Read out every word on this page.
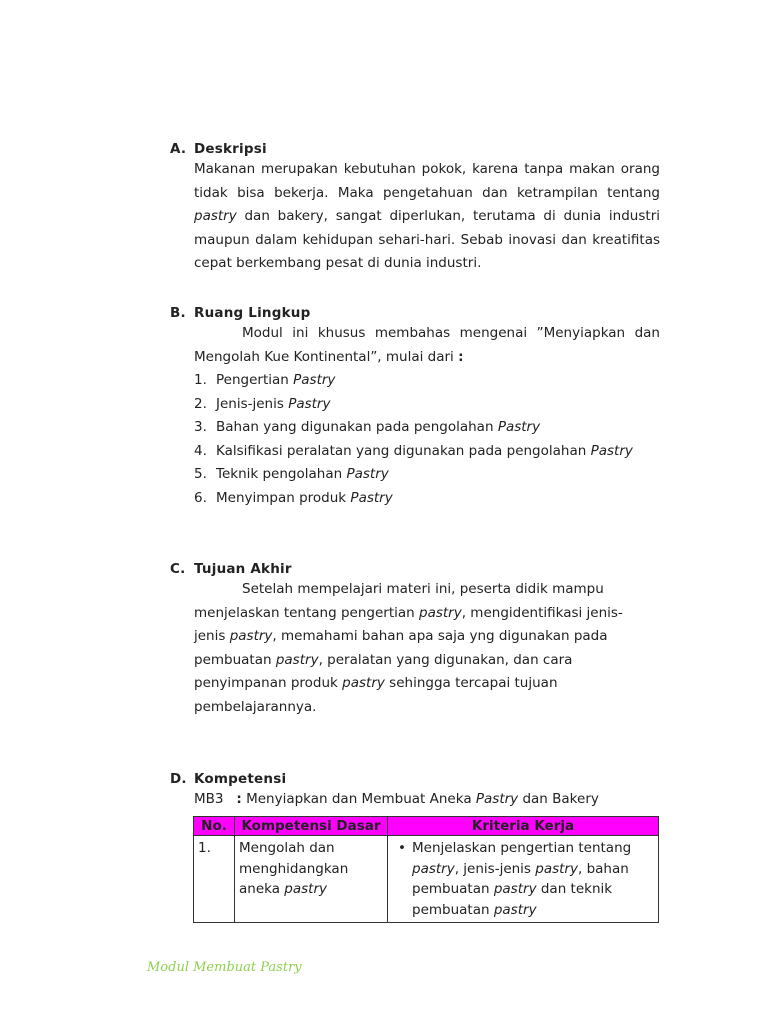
A. Deskripsi
Makanan merupakan kebutuhan pokok, karena tanpa makan orang tidak bisa bekerja. Maka pengetahuan dan ketrampilan tentang pastry dan bakery, sangat diperlukan, terutama di dunia industri maupun dalam kehidupan sehari-hari. Sebab inovasi dan kreatifitas cepat berkembang pesat di dunia industri.
B. Ruang Lingkup
Modul ini khusus membahas mengenai ”Menyiapkan dan Mengolah Kue Kontinental”, mulai dari :
1. Pengertian Pastry
2. Jenis-jenis Pastry
3. Bahan yang digunakan pada pengolahan Pastry
4. Kalsifikasi peralatan yang digunakan pada pengolahan Pastry
5. Teknik pengolahan Pastry
6. Menyimpan produk Pastry
C. Tujuan Akhir
Setelah mempelajari materi ini, peserta didik mampu menjelaskan tentang pengertian pastry, mengidentifikasi jenis-jenis pastry, memahami bahan apa saja yng digunakan pada pembuatan pastry, peralatan yang digunakan, dan cara penyimpanan produk pastry sehingga tercapai tujuan pembelajarannya.
D. Kompetensi
MB3 : Menyiapkan dan Membuat Aneka Pastry dan Bakery
No.	Kompetensi Dasar	Kriteria Kerja
1.	Mengolah dan menghidangkan aneka pastry	• Menjelaskan pengertian tentang pastry, jenis-jenis pastry, bahan pembuatan pastry dan teknik pembuatan pastry
Modul Membuat Pastry
